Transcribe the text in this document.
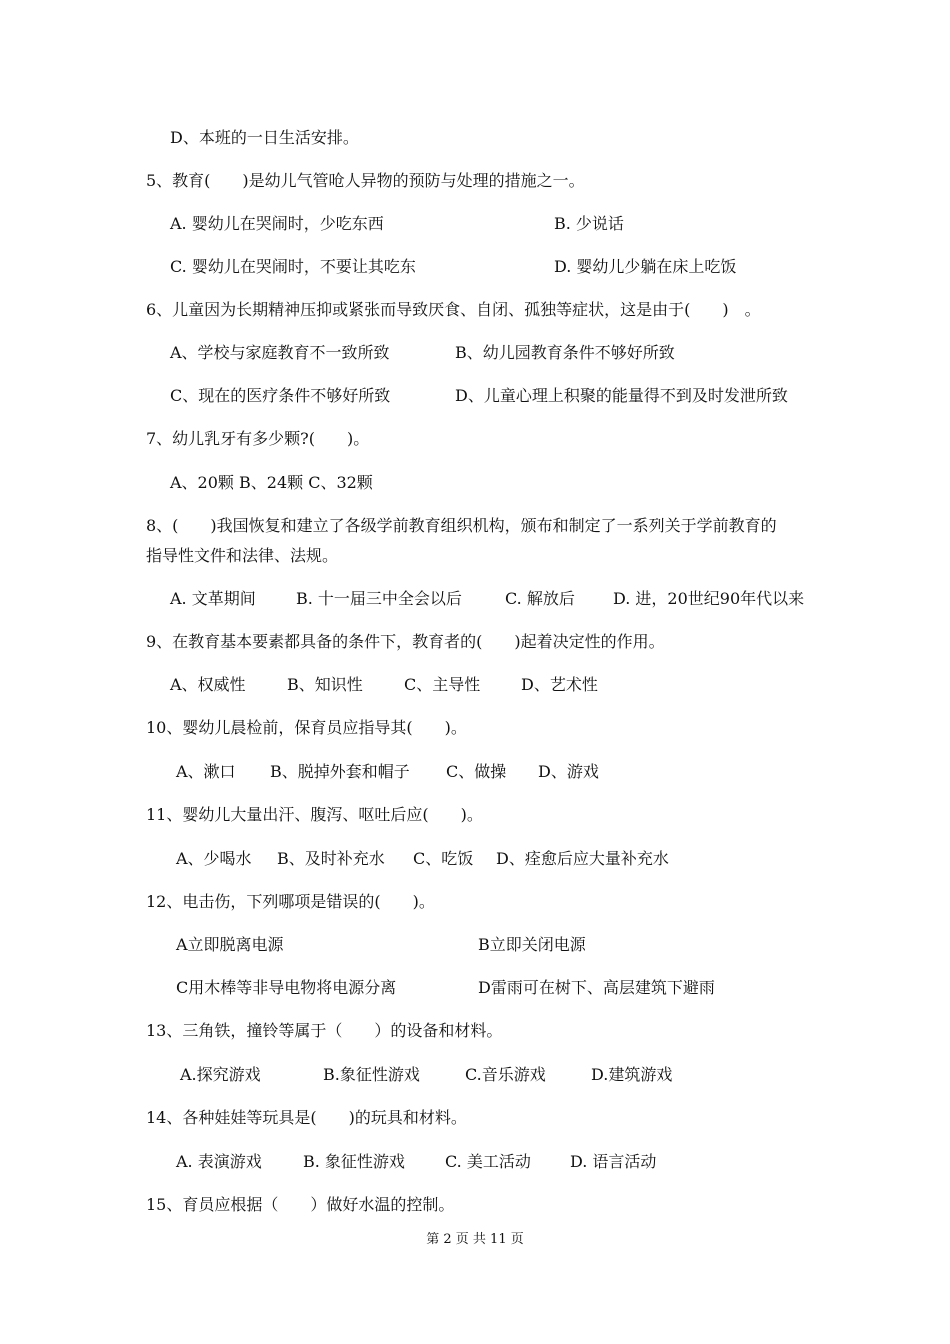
D、本班的一日生活安排。
5、教育(　　)是幼儿气管呛人异物的预防与处理的措施之一。
A. 婴幼儿在哭闹时，少吃东西	B. 少说话
C. 婴幼儿在哭闹时，不要让其吃东	D. 婴幼儿少躺在床上吃饭
6、儿童因为长期精神压抑或紧张而导致厌食、自闭、孤独等症状，这是由于(　　)　。
A、学校与家庭教育不一致所致	B、幼儿园教育条件不够好所致
C、现在的医疗条件不够好所致	D、儿童心理上积聚的能量得不到及时发泄所致
7、幼儿乳牙有多少颗?(　　)。
A、20颗 B、24颗 C、32颗
8、(　　)我国恢复和建立了各级学前教育组织机构，颁布和制定了一系列关于学前教育的
指导性文件和法律、法规。
A. 文革期间	B. 十一届三中全会以后	C. 解放后 D. 进，20世纪90年代以来
9、在教育基本要素都具备的条件下，教育者的(　　)起着决定性的作用。
A、权威性	B、知识性	C、主导性	D、艺术性
10、婴幼儿晨检前，保育员应指导其(　　)。
A、漱口 B、脱掉外套和帽子 C、做操 D、游戏
11、婴幼儿大量出汗、腹泻、呕吐后应(　　)。
A、少喝水 B、及时补充水 C、吃饭 D、痊愈后应大量补充水
12、电击伤，下列哪项是错误的(　　)。
A立即脱离电源	B立即关闭电源
C用木棒等非导电物将电源分离	D雷雨可在树下、高层建筑下避雨
13、三角铁，撞铃等属于（　　）的设备和材料。
A.探究游戏	B.象征性游戏	C.音乐游戏	D.建筑游戏
14、各种娃娃等玩具是(　　)的玩具和材料。
A. 表演游戏	B. 象征性游戏	C. 美工活动 D. 语言活动
15、育员应根据（　　）做好水温的控制。
第 2 页 共 11 页
